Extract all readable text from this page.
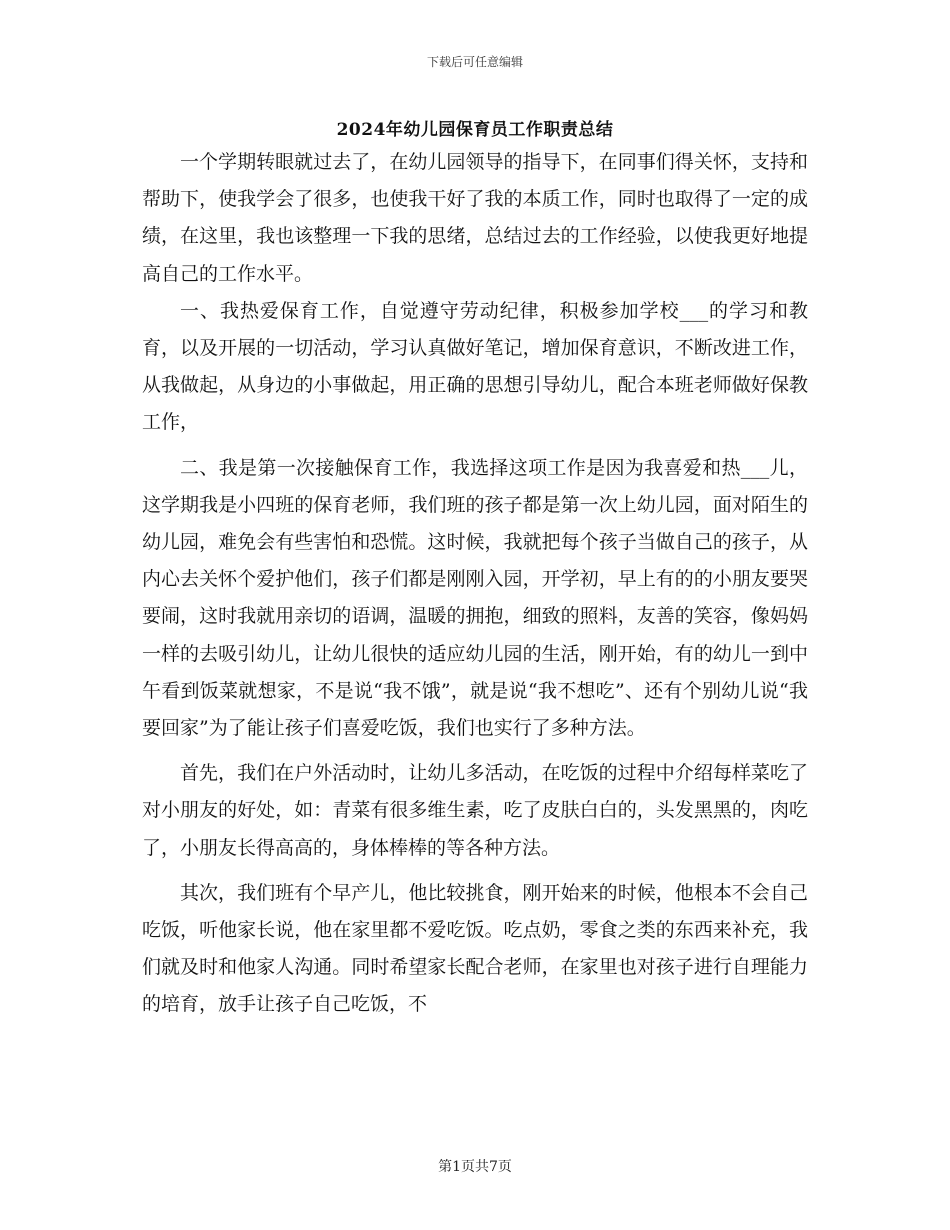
下载后可任意编辑
2024年幼儿园保育员工作职责总结

一个学期转眼就过去了，在幼儿园领导的指导下，在同事们得关怀，支持和帮助下，使我学会了很多，也使我干好了我的本质工作，同时也取得了一定的成绩，在这里，我也该整理一下我的思绪，总结过去的工作经验，以使我更好地提高自己的工作水平。

一、我热爱保育工作，自觉遵守劳动纪律，积极参加学校___的学习和教育，以及开展的一切活动，学习认真做好笔记，增加保育意识，不断改进工作，从我做起，从身边的小事做起，用正确的思想引导幼儿，配合本班老师做好保教工作，

二、我是第一次接触保育工作，我选择这项工作是因为我喜爱和热___儿，这学期我是小四班的保育老师，我们班的孩子都是第一次上幼儿园，面对陌生的幼儿园，难免会有些害怕和恐慌。这时候，我就把每个孩子当做自己的孩子，从内心去关怀个爱护他们，孩子们都是刚刚入园，开学初，早上有的的小朋友要哭要闹，这时我就用亲切的语调，温暖的拥抱，细致的照料，友善的笑容，像妈妈一样的去吸引幼儿，让幼儿很快的适应幼儿园的生活，刚开始，有的幼儿一到中午看到饭菜就想家，不是说“我不饿”，就是说“我不想吃”、还有个别幼儿说“我要回家”为了能让孩子们喜爱吃饭，我们也实行了多种方法。

首先，我们在户外活动时，让幼儿多活动，在吃饭的过程中介绍每样菜吃了对小朋友的好处，如：青菜有很多维生素，吃了皮肤白白的，头发黑黑的，肉吃了，小朋友长得高高的，身体棒棒的等各种方法。

其次，我们班有个早产儿，他比较挑食，刚开始来的时候，他根本不会自己吃饭，听他家长说，他在家里都不爱吃饭。吃点奶，零食之类的东西来补充，我们就及时和他家人沟通。同时希望家长配合老师，在家里也对孩子进行自理能力的培育，放手让孩子自己吃饭，不

第1页共7页
